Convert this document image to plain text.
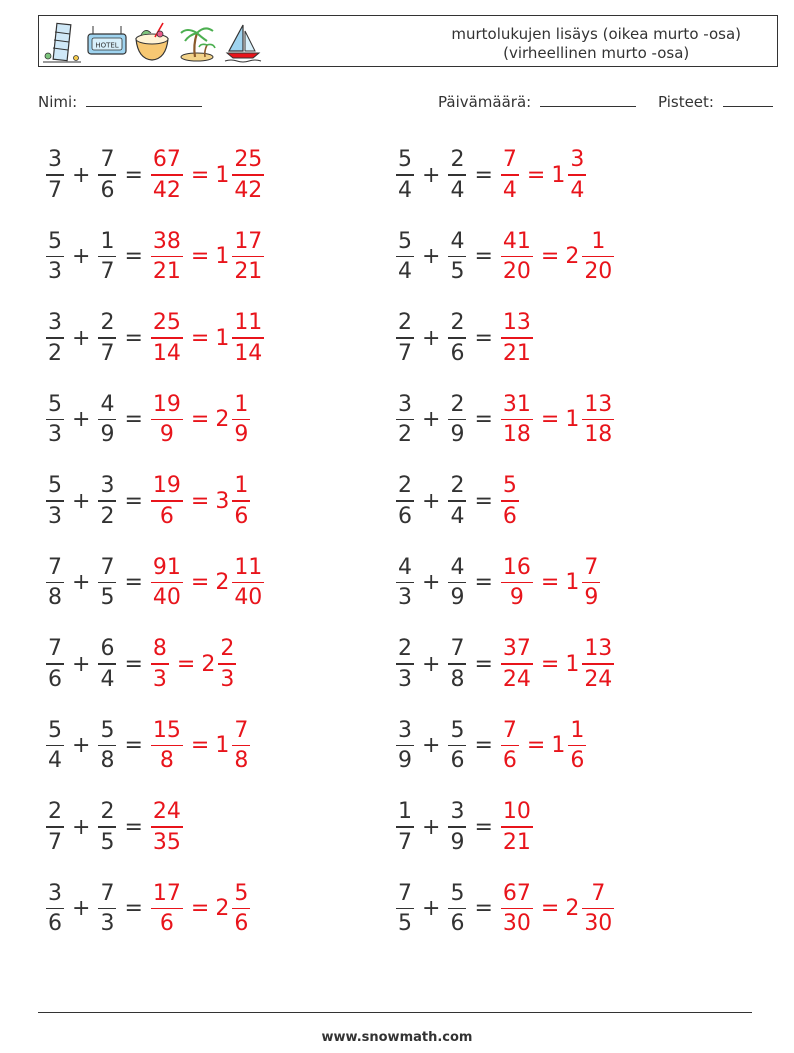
HOTEL
murtolukujen lisäys (oikea murto -osa)
(virheellinen murto -osa)
Nimi:	Päivämäärä:	Pisteet:
$\frac{3}{7} + \frac{7}{6} = \frac{67}{42} = 1 \frac{25}{42}$	$\frac{5}{4} + \frac{2}{4} = \frac{7}{4} = 1 \frac{3}{4}$
$\frac{5}{3} + \frac{1}{7} = \frac{38}{21} = 1 \frac{17}{21}$	$\frac{5}{4} + \frac{4}{5} = \frac{41}{20} = 2 \frac{1}{20}$
$\frac{3}{2} + \frac{2}{7} = \frac{25}{14} = 1 \frac{11}{14}$	$\frac{2}{7} + \frac{2}{6} = \frac{13}{21}$
$\frac{5}{3} + \frac{4}{9} = \frac{19}{9} = 2 \frac{1}{9}$	$\frac{3}{2} + \frac{2}{9} = \frac{31}{18} = 1 \frac{13}{18}$
$\frac{5}{3} + \frac{3}{2} = \frac{19}{6} = 3 \frac{1}{6}$	$\frac{2}{6} + \frac{2}{4} = \frac{5}{6}$
$\frac{7}{8} + \frac{7}{5} = \frac{91}{40} = 2 \frac{11}{40}$	$\frac{4}{3} + \frac{4}{9} = \frac{16}{9} = 1 \frac{7}{9}$
$\frac{7}{6} + \frac{6}{4} = \frac{8}{3} = 2 \frac{2}{3}$	$\frac{2}{3} + \frac{7}{8} = \frac{37}{24} = 1 \frac{13}{24}$
$\frac{5}{4} + \frac{5}{8} = \frac{15}{8} = 1 \frac{7}{8}$	$\frac{3}{9} + \frac{5}{6} = \frac{7}{6} = 1 \frac{1}{6}$
$\frac{2}{7} + \frac{2}{5} = \frac{24}{35}$	$\frac{1}{7} + \frac{3}{9} = \frac{10}{21}$
$\frac{3}{6} + \frac{7}{3} = \frac{17}{6} = 2 \frac{5}{6}$	$\frac{7}{5} + \frac{5}{6} = \frac{67}{30} = 2 \frac{7}{30}$
www.snowmath.com
